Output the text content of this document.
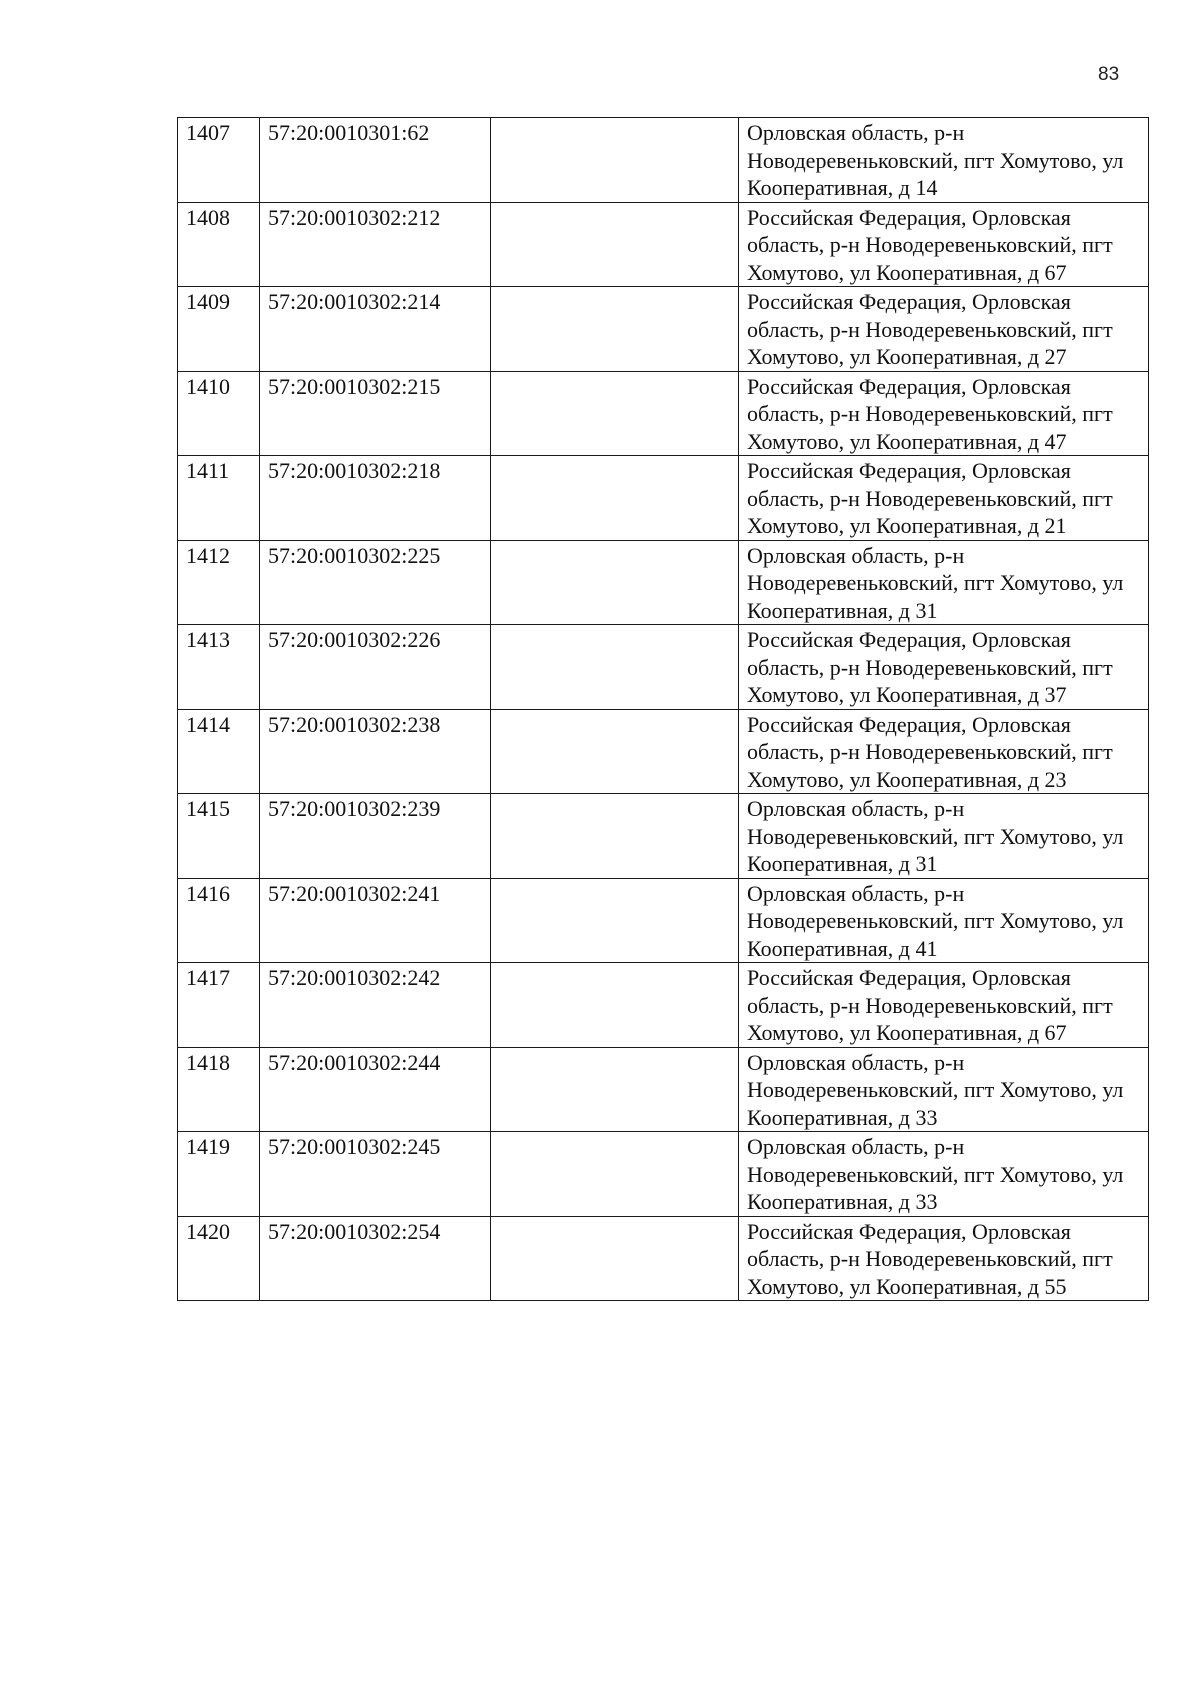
83
1407	57:20:0010301:62		Орловская область, р-н Новодеревеньковский, пгт Хомутово, ул Кооперативная, д 14
1408	57:20:0010302:212		Российская Федерация, Орловская область, р-н Новодеревеньковский, пгт Хомутово, ул Кооперативная, д 67
1409	57:20:0010302:214		Российская Федерация, Орловская область, р-н Новодеревеньковский, пгт Хомутово, ул Кооперативная, д 27
1410	57:20:0010302:215		Российская Федерация, Орловская область, р-н Новодеревеньковский, пгт Хомутово, ул Кооперативная, д 47
1411	57:20:0010302:218		Российская Федерация, Орловская область, р-н Новодеревеньковский, пгт Хомутово, ул Кооперативная, д 21
1412	57:20:0010302:225		Орловская область, р-н Новодеревеньковский, пгт Хомутово, ул Кооперативная, д 31
1413	57:20:0010302:226		Российская Федерация, Орловская область, р-н Новодеревеньковский, пгт Хомутово, ул Кооперативная, д 37
1414	57:20:0010302:238		Российская Федерация, Орловская область, р-н Новодеревеньковский, пгт Хомутово, ул Кооперативная, д 23
1415	57:20:0010302:239		Орловская область, р-н Новодеревеньковский, пгт Хомутово, ул Кооперативная, д 31
1416	57:20:0010302:241		Орловская область, р-н Новодеревеньковский, пгт Хомутово, ул Кооперативная, д 41
1417	57:20:0010302:242		Российская Федерация, Орловская область, р-н Новодеревеньковский, пгт Хомутово, ул Кооперативная, д 67
1418	57:20:0010302:244		Орловская область, р-н Новодеревеньковский, пгт Хомутово, ул Кооперативная, д 33
1419	57:20:0010302:245		Орловская область, р-н Новодеревеньковский, пгт Хомутово, ул Кооперативная, д 33
1420	57:20:0010302:254		Российская Федерация, Орловская область, р-н Новодеревеньковский, пгт Хомутово, ул Кооперативная, д 55
